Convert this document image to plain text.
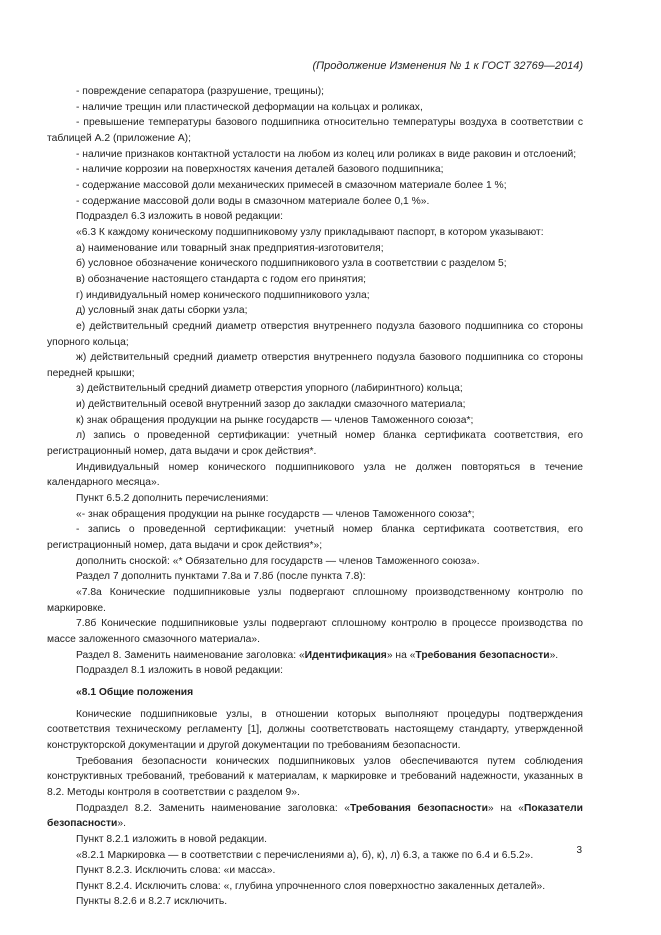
(Продолжение Изменения № 1 к ГОСТ 32769—2014)

- повреждение сепаратора (разрушение, трещины);

- наличие трещин или пластической деформации на кольцах и роликах,

- превышение температуры базового подшипника относительно температуры воздуха в соответствии с таблицей А.2 (приложение А);

- наличие признаков контактной усталости на любом из колец или роликах в виде раковин и отслоений;

- наличие коррозии на поверхностях качения деталей базового подшипника;

- содержание массовой доли механических примесей в смазочном материале более 1 %;

- содержание массовой доли воды в смазочном материале более 0,1 %».

Подраздел 6.3 изложить в новой редакции:

«6.3 К каждому коническому подшипниковому узлу прикладывают паспорт, в котором указывают:

а) наименование или товарный знак предприятия-изготовителя;

б) условное обозначение конического подшипникового узла в соответствии с разделом 5;

в) обозначение настоящего стандарта с годом его принятия;

г) индивидуальный номер конического подшипникового узла;

д) условный знак даты сборки узла;

е) действительный средний диаметр отверстия внутреннего подузла базового подшипника со стороны упорного кольца;

ж) действительный средний диаметр отверстия внутреннего подузла базового подшипника со стороны передней крышки;

з) действительный средний диаметр отверстия упорного (лабиринтного) кольца;

и) действительный осевой внутренний зазор до закладки смазочного материала;

к) знак обращения продукции на рынке государств — членов Таможенного союза*;

л) запись о проведенной сертификации: учетный номер бланка сертификата соответствия, его регистрационный номер, дата выдачи и срок действия*.

Индивидуальный номер конического подшипникового узла не должен повторяться в течение календарного месяца».

Пункт 6.5.2 дополнить перечислениями:

«- знак обращения продукции на рынке государств — членов Таможенного союза*;

- запись о проведенной сертификации: учетный номер бланка сертификата соответствия, его регистрационный номер, дата выдачи и срок действия*»;

дополнить сноской: «* Обязательно для государств — членов Таможенного союза».

Раздел 7 дополнить пунктами 7.8а и 7.8б (после пункта 7.8):

«7.8а Конические подшипниковые узлы подвергают сплошному производственному контролю по маркировке.

7.8б Конические подшипниковые узлы подвергают сплошному контролю в процессе производства по массе заложенного смазочного материала».

Раздел 8. Заменить наименование заголовка: «Идентификация» на «Требования безопасности».

Подраздел 8.1 изложить в новой редакции:

«8.1 Общие положения

Конические подшипниковые узлы, в отношении которых выполняют процедуры подтверждения соответствия техническому регламенту [1], должны соответствовать настоящему стандарту, утвержденной конструкторской документации и другой документации по требованиям безопасности.

Требования безопасности конических подшипниковых узлов обеспечиваются путем соблюдения конструктивных требований, требований к материалам, к маркировке и требований надежности, указанных в 8.2. Методы контроля в соответствии с разделом 9».

Подраздел 8.2. Заменить наименование заголовка: «Требования безопасности» на «Показатели безопасности».

Пункт 8.2.1 изложить в новой редакции.

«8.2.1 Маркировка — в соответствии с перечислениями а), б), к), л) 6.3, а также по 6.4 и 6.5.2».

Пункт 8.2.3. Исключить слова: «и масса».

Пункт 8.2.4. Исключить слова: «, глубина упрочненного слоя поверхностно закаленных деталей».

Пункты 8.2.6 и 8.2.7 исключить.

3
